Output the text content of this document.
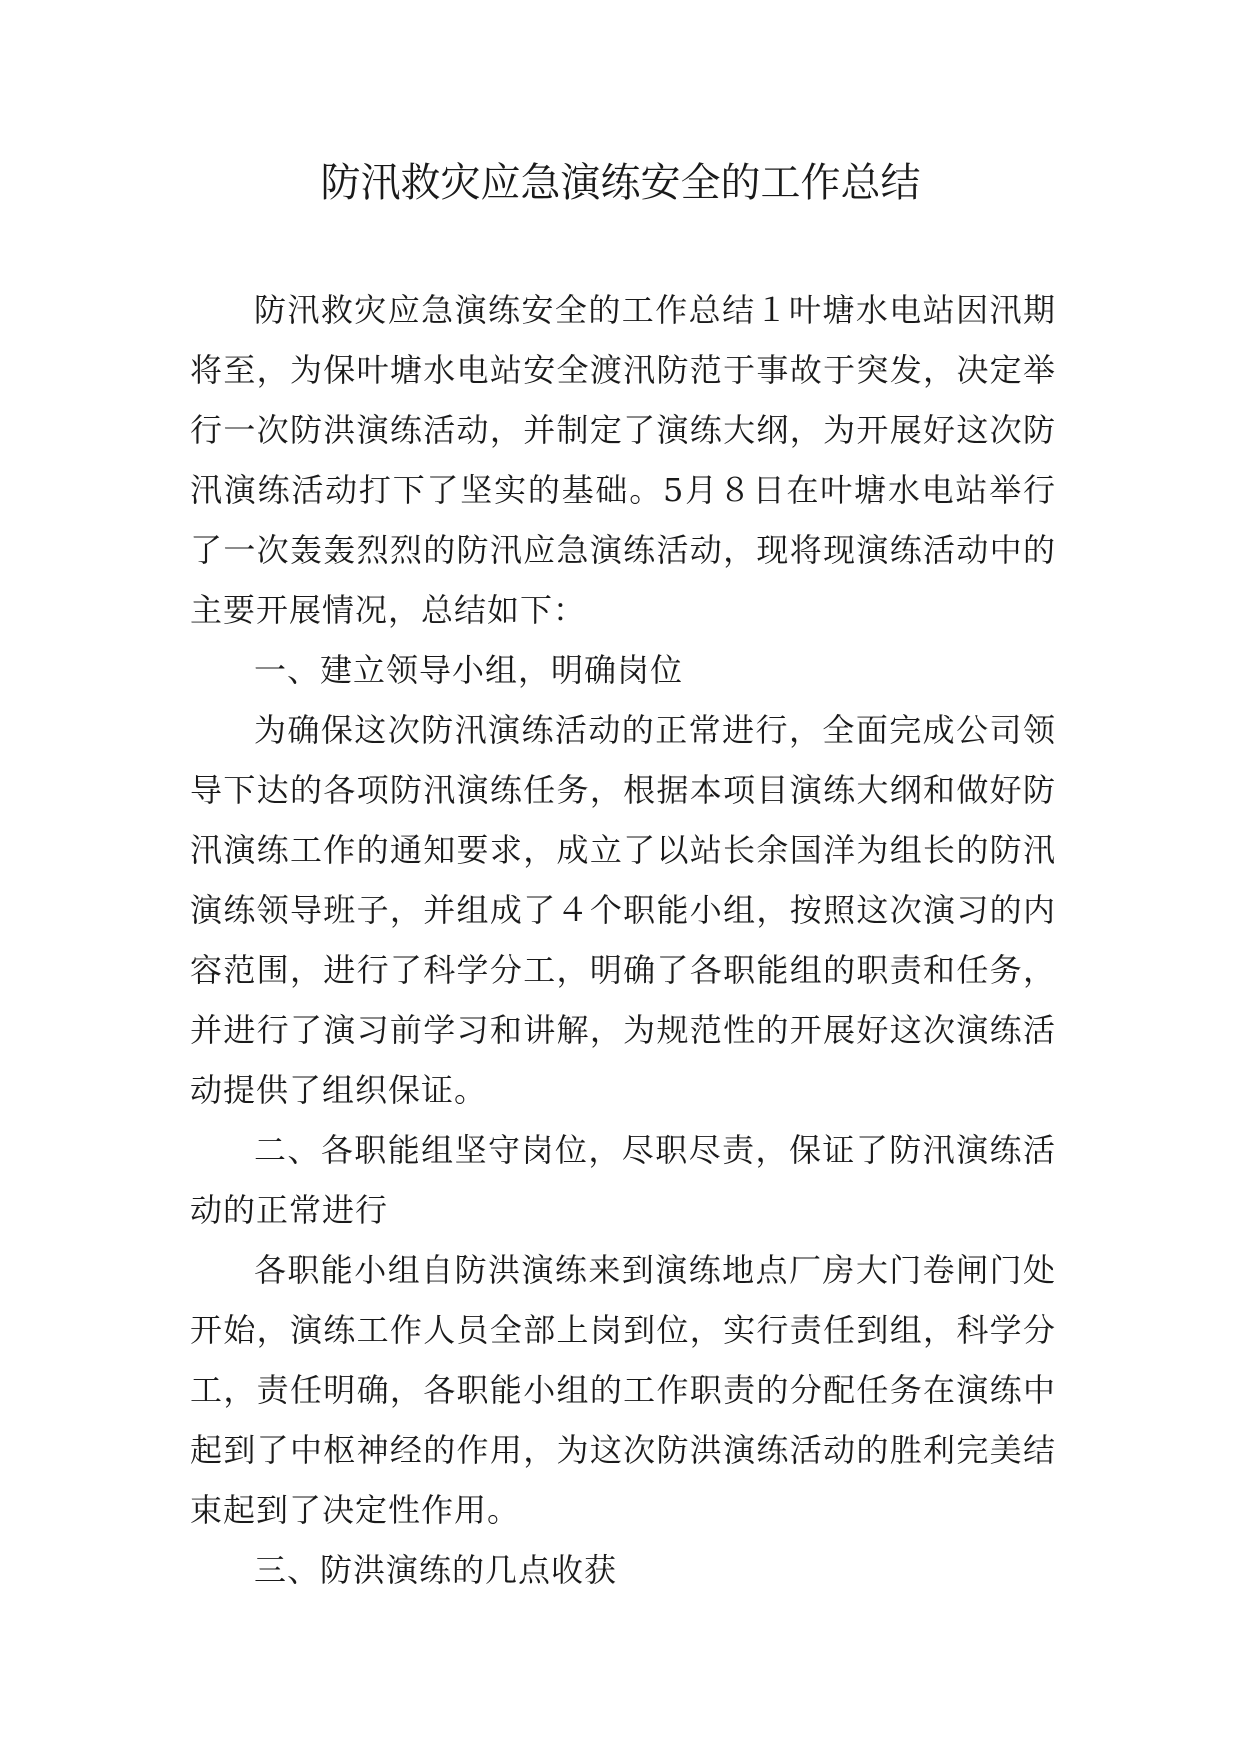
防汛救灾应急演练安全的工作总结

防汛救灾应急演练安全的工作总结１叶塘水电站因汛期将至，为保叶塘水电站安全渡汛防范于事故于突发，决定举行一次防洪演练活动，并制定了演练大纲，为开展好这次防汛演练活动打下了坚实的基础。5月８日在叶塘水电站举行了一次轰轰烈烈的防汛应急演练活动，现将现演练活动中的主要开展情况，总结如下：

一、建立领导小组，明确岗位

为确保这次防汛演练活动的正常进行，全面完成公司领导下达的各项防汛演练任务，根据本项目演练大纲和做好防汛演练工作的通知要求，成立了以站长余国洋为组长的防汛演练领导班子，并组成了４个职能小组，按照这次演习的内容范围，进行了科学分工，明确了各职能组的职责和任务，并进行了演习前学习和讲解，为规范性的开展好这次演练活动提供了组织保证。

二、各职能组坚守岗位，尽职尽责，保证了防汛演练活动的正常进行

各职能小组自防洪演练来到演练地点厂房大门卷闸门处开始，演练工作人员全部上岗到位，实行责任到组，科学分工，责任明确，各职能小组的工作职责的分配任务在演练中起到了中枢神经的作用，为这次防洪演练活动的胜利完美结束起到了决定性作用。

三、防洪演练的几点收获
